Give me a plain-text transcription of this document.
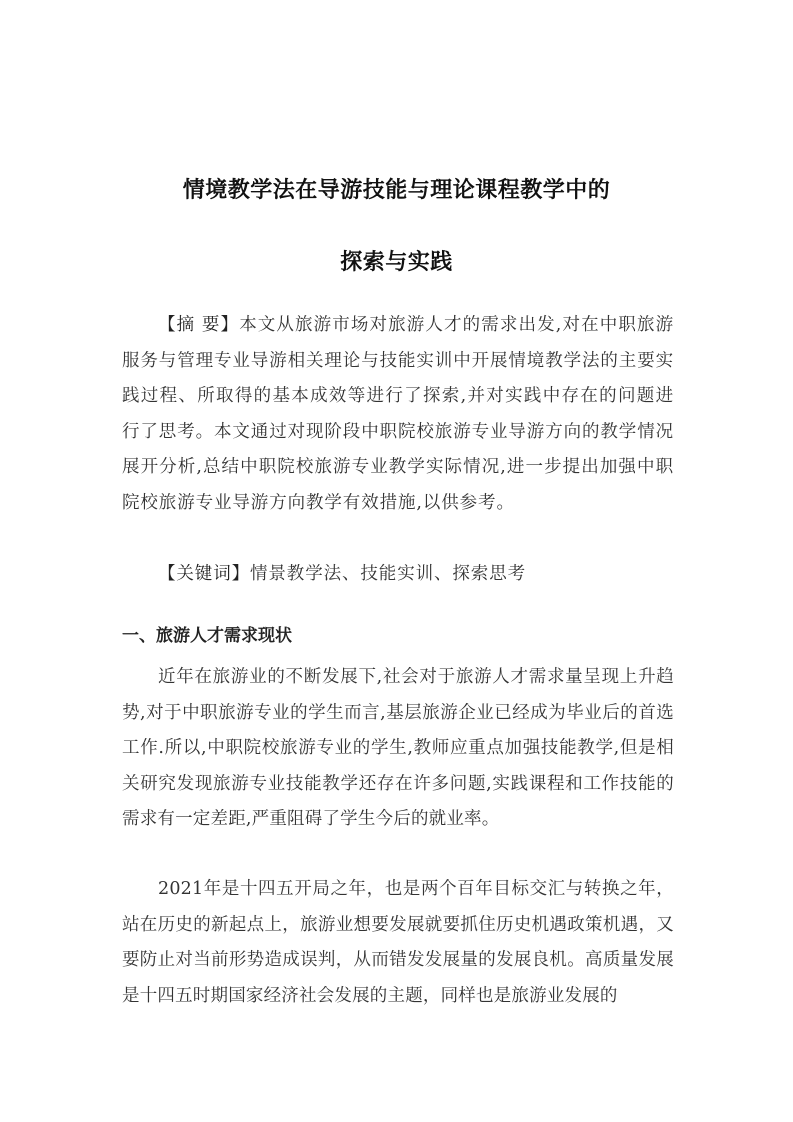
情境教学法在导游技能与理论课程教学中的
探索与实践

【摘 要】本文从旅游市场对旅游人才的需求出发,对在中职旅游服务与管理专业导游相关理论与技能实训中开展情境教学法的主要实践过程、所取得的基本成效等进行了探索,并对实践中存在的问题进行了思考。本文通过对现阶段中职院校旅游专业导游方向的教学情况展开分析,总结中职院校旅游专业教学实际情况,进一步提出加强中职院校旅游专业导游方向教学有效措施,以供参考。

【关键词】情景教学法、技能实训、探索思考

一、旅游人才需求现状

近年在旅游业的不断发展下,社会对于旅游人才需求量呈现上升趋势,对于中职旅游专业的学生而言,基层旅游企业已经成为毕业后的首选工作.所以,中职院校旅游专业的学生,教师应重点加强技能教学,但是相关研究发现旅游专业技能教学还存在许多问题,实践课程和工作技能的需求有一定差距,严重阻碍了学生今后的就业率。

2021年是十四五开局之年，也是两个百年目标交汇与转换之年，站在历史的新起点上，旅游业想要发展就要抓住历史机遇政策机遇，又要防止对当前形势造成误判，从而错发发展量的发展良机。高质量发展是十四五时期国家经济社会发展的主题，同样也是旅游业发展的
